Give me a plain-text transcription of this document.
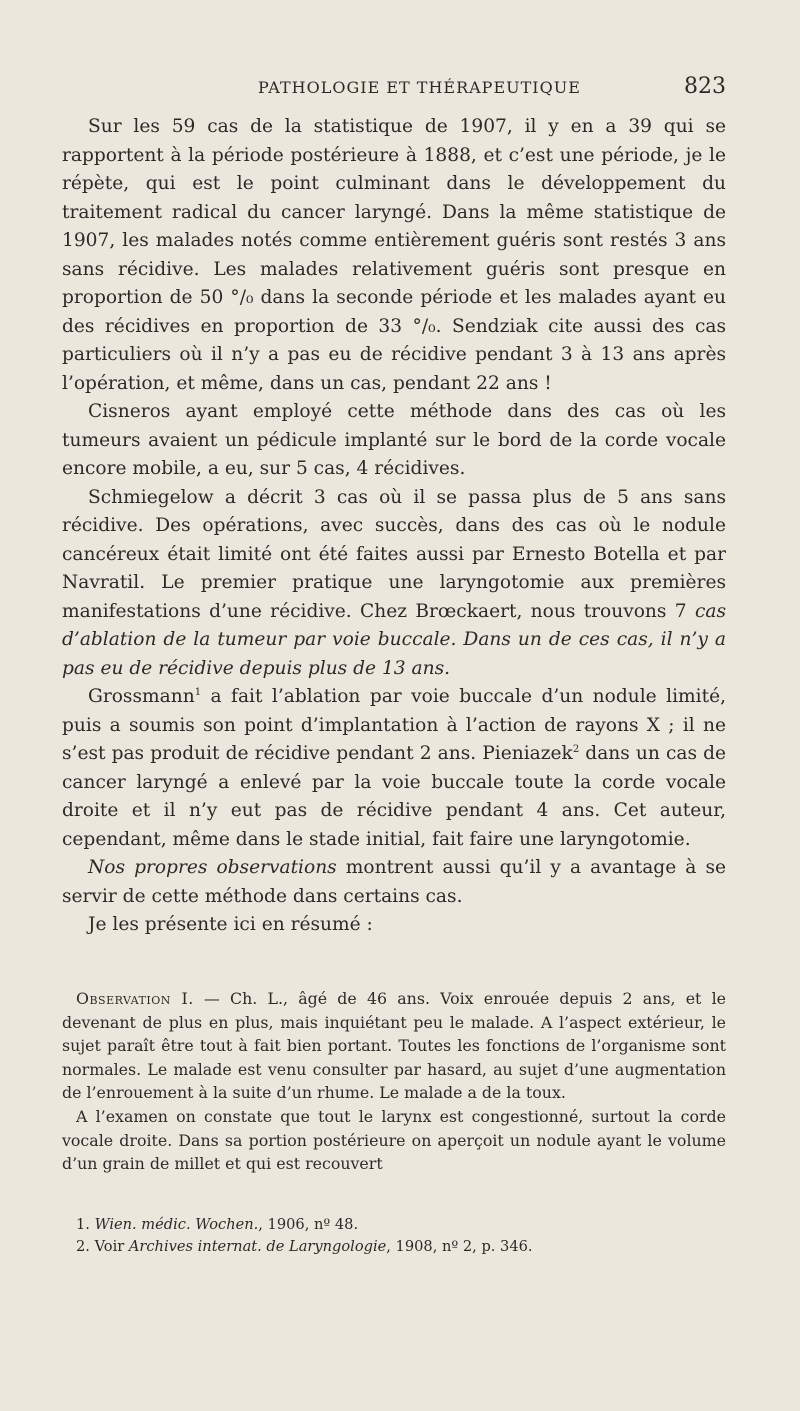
PATHOLOGIE ET THÉRAPEUTIQUE	823

Sur les 59 cas de la statistique de 1907, il y en a 39 qui se rapportent à la période postérieure à 1888, et c’est une période, je le répète, qui est le point culminant dans le développement du traitement radical du cancer laryngé. Dans la même statistique de 1907, les malades notés comme entièrement guéris sont restés 3 ans sans récidive. Les malades relativement guéris sont presque en proportion de 50 °/₀ dans la seconde période et les malades ayant eu des récidives en proportion de 33 °/₀. Sendziak cite aussi des cas particuliers où il n’y a pas eu de récidive pendant 3 à 13 ans après l’opération, et même, dans un cas, pendant 22 ans !

Cisneros ayant employé cette méthode dans des cas où les tumeurs avaient un pédicule implanté sur le bord de la corde vocale encore mobile, a eu, sur 5 cas, 4 récidives.

Schmiegelow a décrit 3 cas où il se passa plus de 5 ans sans récidive. Des opérations, avec succès, dans des cas où le nodule cancéreux était limité ont été faites aussi par Ernesto Botella et par Navratil. Le premier pratique une laryngotomie aux premières manifestations d’une récidive. Chez Brœckaert, nous trouvons 7 cas d’ablation de la tumeur par voie buccale. Dans un de ces cas, il n’y a pas eu de récidive depuis plus de 13 ans.

Grossmann$^1$ a fait l’ablation par voie buccale d’un nodule limité, puis a soumis son point d’implantation à l’action de rayons X ; il ne s’est pas produit de récidive pendant 2 ans. Pieniazek$^2$ dans un cas de cancer laryngé a enlevé par la voie buccale toute la corde vocale droite et il n’y eut pas de récidive pendant 4 ans. Cet auteur, cependant, même dans le stade initial, fait faire une laryngotomie.

Nos propres observations montrent aussi qu’il y a avantage à se servir de cette méthode dans certains cas.

Je les présente ici en résumé :

Observation I. — Ch. L., âgé de 46 ans. Voix enrouée depuis 2 ans, et le devenant de plus en plus, mais inquiétant peu le malade. A l’aspect extérieur, le sujet paraît être tout à fait bien portant. Toutes les fonctions de l’organisme sont normales. Le malade est venu consulter par hasard, au sujet d’une augmentation de l’enrouement à la suite d’un rhume. Le malade a de la toux.

A l’examen on constate que tout le larynx est congestionné, surtout la corde vocale droite. Dans sa portion postérieure on aperçoit un nodule ayant le volume d’un grain de millet et qui est recouvert

1. Wien. médic. Wochen., 1906, nº 48.

2. Voir Archives internat. de Laryngologie, 1908, nº 2, p. 346.
